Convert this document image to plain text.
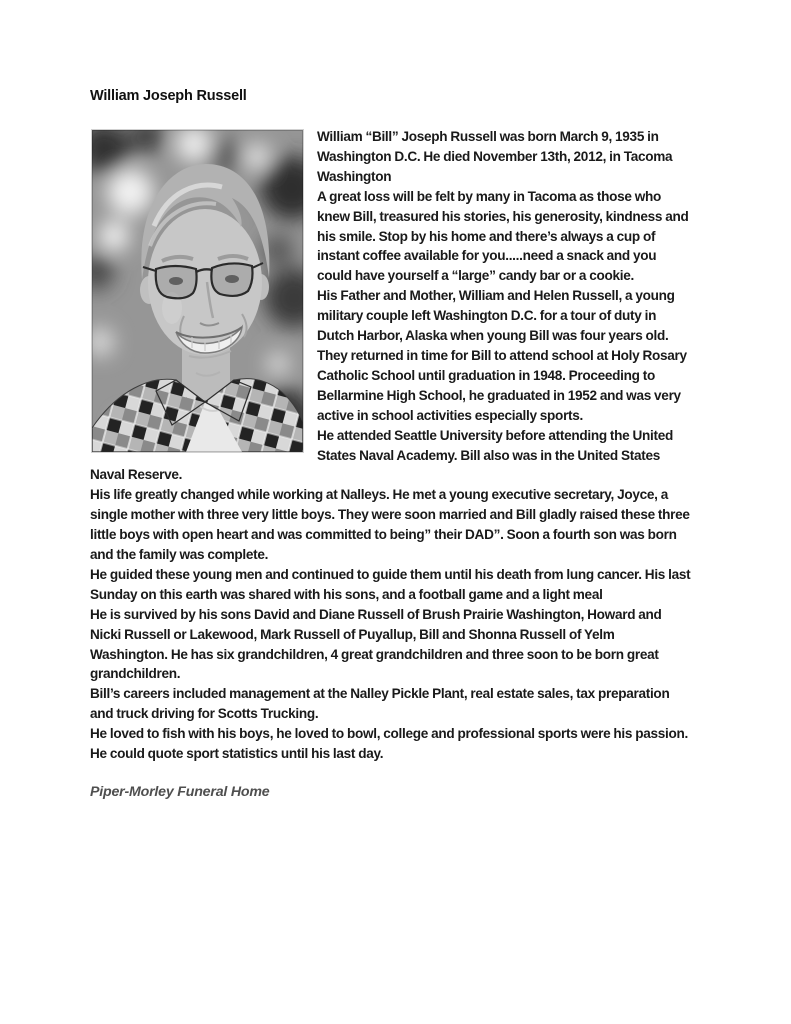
William Joseph Russell

William “Bill” Joseph Russell was born March 9, 1935 in Washington D.C. He died November 13th, 2012, in Tacoma Washington

A great loss will be felt by many in Tacoma as those who knew Bill, treasured his stories, his generosity, kindness and his smile. Stop by his home and there’s always a cup of instant coffee available for you.....need a snack and you could have yourself a “large” candy bar or a cookie.

His Father and Mother, William and Helen Russell, a young military couple left Washington D.C. for a tour of duty in Dutch Harbor, Alaska when young Bill was four years old. They returned in time for Bill to attend school at Holy Rosary Catholic School until graduation in 1948. Proceeding to Bellarmine High School, he graduated in 1952 and was very active in school activities especially sports.

He attended Seattle University before attending the United States Naval Academy. Bill also was in the United States Naval Reserve.

His life greatly changed while working at Nalleys. He met a young executive secretary, Joyce, a single mother with three very little boys. They were soon married and Bill gladly raised these three little boys with open heart and was committed to being” their DAD”. Soon a fourth son was born and the family was complete.

He guided these young men and continued to guide them until his death from lung cancer. His last Sunday on this earth was shared with his sons, and a football game and a light meal

He is survived by his sons David and Diane Russell of Brush Prairie Washington, Howard and Nicki Russell or Lakewood, Mark Russell of Puyallup, Bill and Shonna Russell of Yelm Washington. He has six grandchildren, 4 great grandchildren and three soon to be born great grandchildren.

Bill’s careers included management at the Nalley Pickle Plant, real estate sales, tax preparation and truck driving for Scotts Trucking.

He loved to fish with his boys, he loved to bowl, college and professional sports were his passion. He could quote sport statistics until his last day.

Piper-Morley Funeral Home
